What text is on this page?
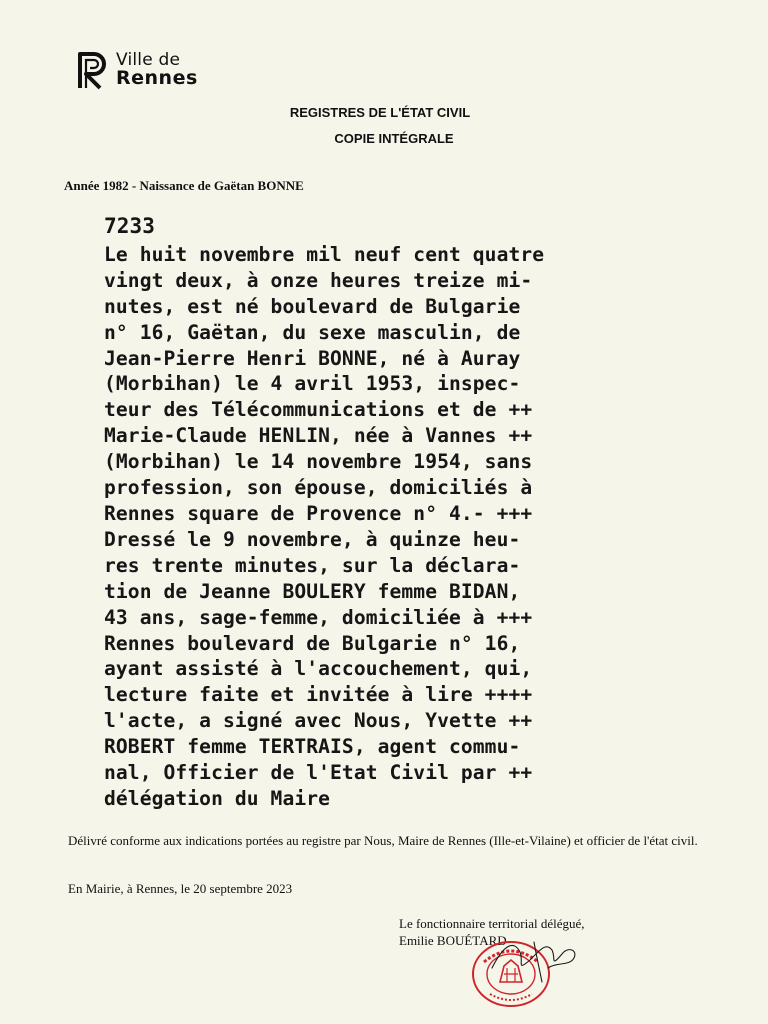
Ville de
Rennes
REGISTRES DE L'ÉTAT CIVIL
COPIE INTÉGRALE
Année 1982 - Naissance de Gaëtan BONNE
7233
Le huit novembre mil neuf cent quatre
vingt deux, à onze heures treize mi-
nutes, est né boulevard de Bulgarie
n° 16, Gaëtan, du sexe masculin, de
Jean-Pierre Henri BONNE, né à Auray
(Morbihan) le 4 avril 1953, inspec-
teur des Télécommunications et de ++
Marie-Claude HENLIN, née à Vannes ++
(Morbihan) le 14 novembre 1954, sans
profession, son épouse, domiciliés à
Rennes square de Provence n° 4.- +++
Dressé le 9 novembre, à quinze heu-
res trente minutes, sur la déclara-
tion de Jeanne BOULERY femme BIDAN,
43 ans, sage-femme, domiciliée à +++
Rennes boulevard de Bulgarie n° 16,
ayant assisté à l'accouchement, qui,
lecture faite et invitée à lire ++++
l'acte, a signé avec Nous, Yvette ++
ROBERT femme TERTRAIS, agent commu-
nal, Officier de l'Etat Civil par ++
délégation du Maire
Délivré conforme aux indications portées au registre par Nous, Maire de Rennes (Ille-et-Vilaine) et officier de l'état civil.
En Mairie, à Rennes, le 20 septembre 2023
Le fonctionnaire territorial délégué,
Emilie BOUÉTARD
